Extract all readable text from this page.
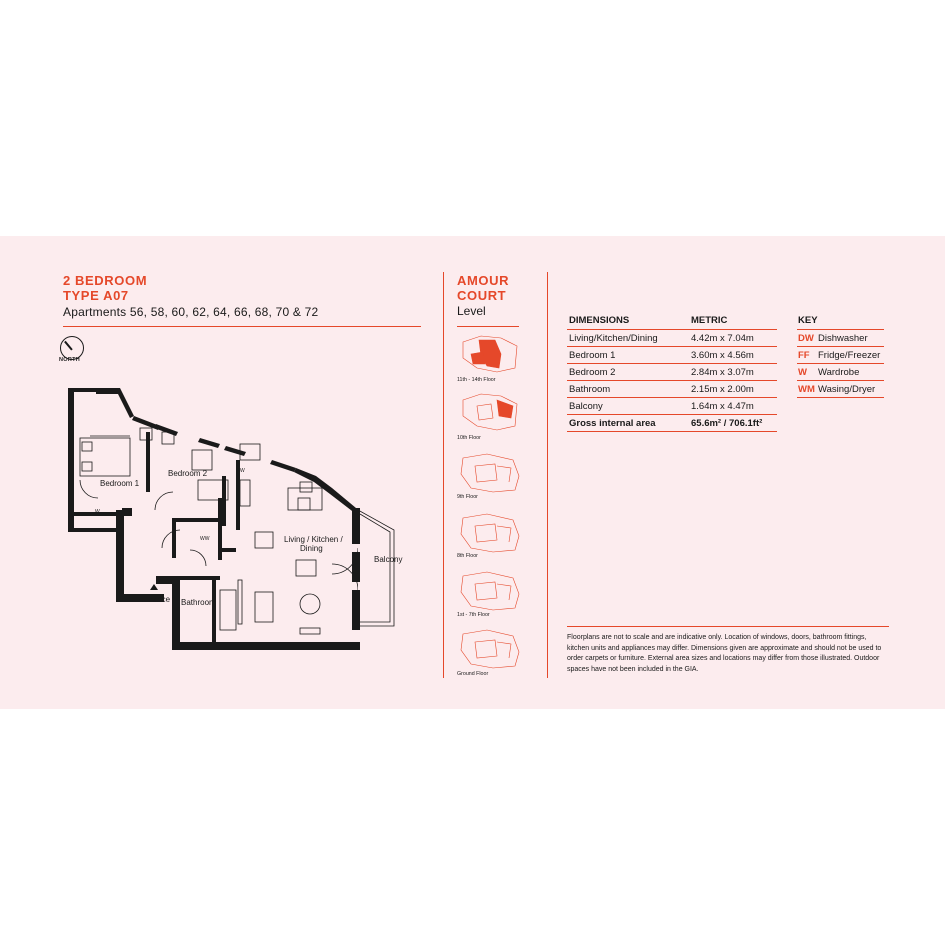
2 BEDROOM
TYPE A07
Apartments 56, 58, 60, 62, 64, 66, 68, 70 & 72
NORTH
Bedroom 1
Bedroom 2
Living / Kitchen /
Dining
Balcony
Bathroom
Entrance
W
WW
W
AMOUR
COURT
Level
11th - 14th Floor
10th Floor
9th Floor
8th Floor
1st - 7th Floor
Ground Floor
DIMENSIONS	METRIC
Living/Kitchen/Dining	4.42m x 7.04m
Bedroom 1	3.60m x 4.56m
Bedroom 2	2.84m x 3.07m
Bathroom	2.15m x 2.00m
Balcony	1.64m x 4.47m
Gross internal area	65.6m² / 706.1ft²
KEY	
DW	Dishwasher
FF	Fridge/Freezer
W	Wardrobe
WM	Wasing/Dryer
Floorplans are not to scale and are indicative only. Location of windows, doors, bathroom fittings, kitchen units and appliances may differ. Dimensions given are approximate and should not be used to order carpets or furniture. External area sizes and locations may differ from those illustrated. Outdoor spaces have not been included in the GIA.
